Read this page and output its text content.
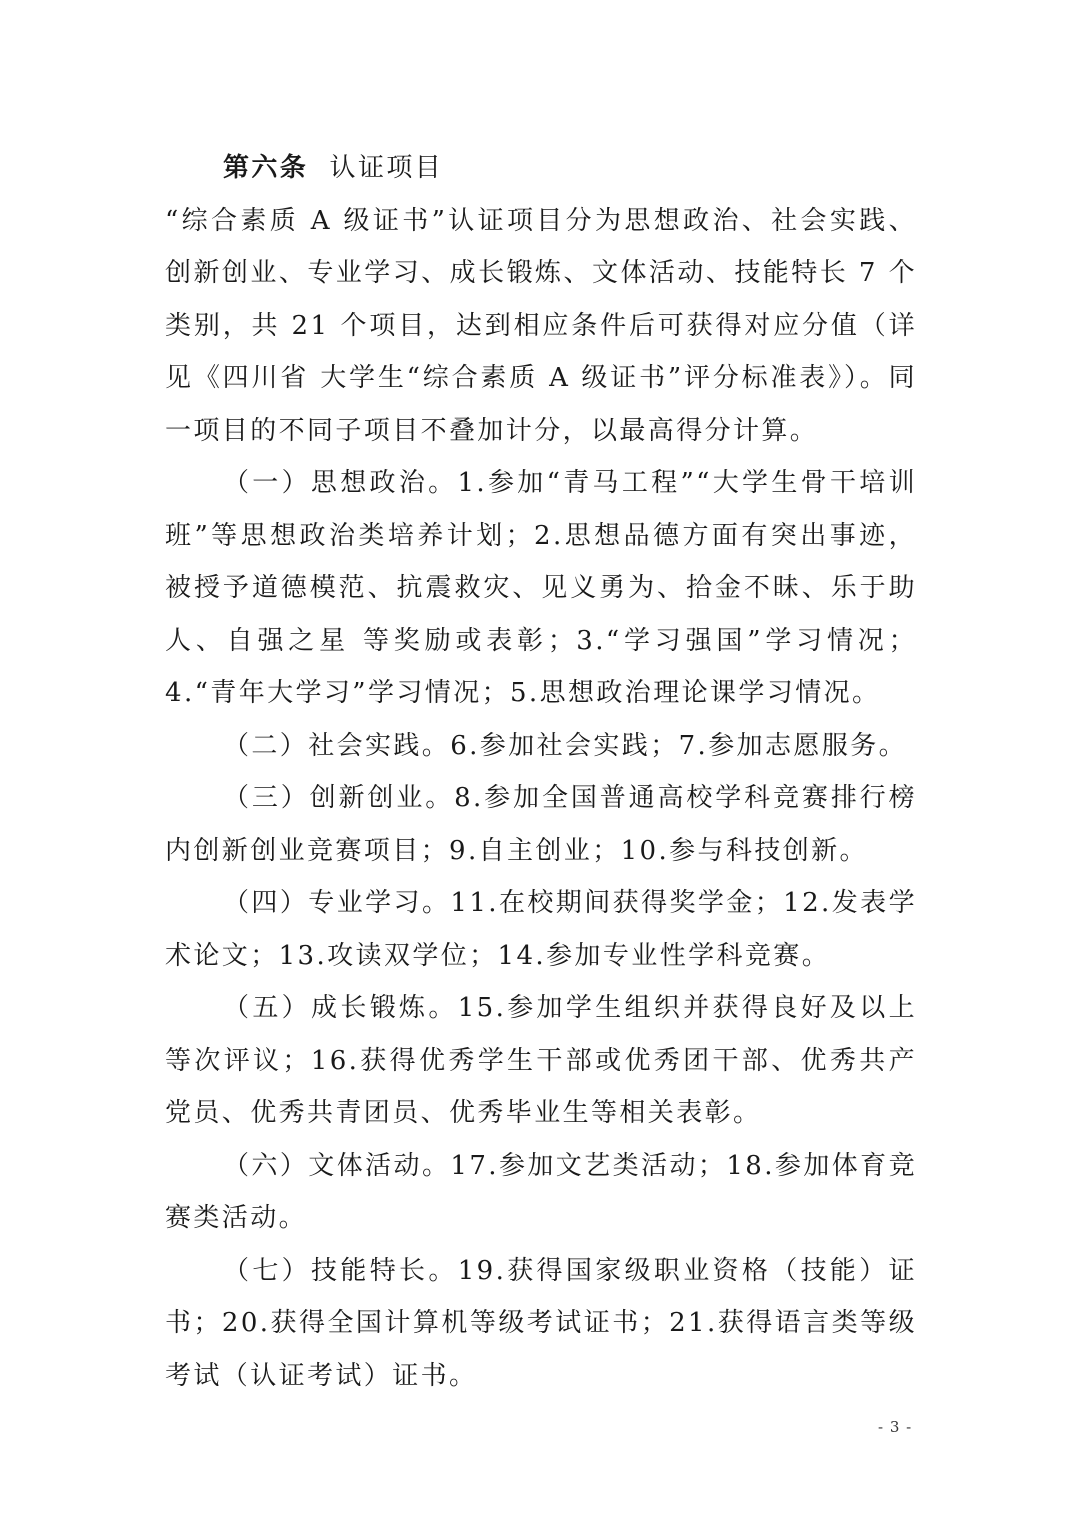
第六条 认证项目

“综合素质 A 级证书”认证项目分为思想政治、社会实践、创新创业、专业学习、成长锻炼、文体活动、技能特长 7 个类别，共 21 个项目，达到相应条件后可获得对应分值（详见《四川省 大学生“综合素质 A 级证书”评分标准表》）。同一项目的不同子项目不叠加计分，以最高得分计算。

（一）思想政治。1.参加“青马工程”“大学生骨干培训班”等思想政治类培养计划；2.思想品德方面有突出事迹，被授予道德模范、抗震救灾、见义勇为、拾金不昧、乐于助人、自强之星 等奖励或表彰；3.“学习强国”学习情况；4.“青年大学习”学习情况；5.思想政治理论课学习情况。

（二）社会实践。6.参加社会实践；7.参加志愿服务。

（三）创新创业。8.参加全国普通高校学科竞赛排行榜内创新创业竞赛项目；9.自主创业；10.参与科技创新。

（四）专业学习。11.在校期间获得奖学金；12.发表学术论文；13.攻读双学位；14.参加专业性学科竞赛。

（五）成长锻炼。15.参加学生组织并获得良好及以上等次评议；16.获得优秀学生干部或优秀团干部、优秀共产党员、优秀共青团员、优秀毕业生等相关表彰。

（六）文体活动。17.参加文艺类活动；18.参加体育竞赛类活动。

（七）技能特长。19.获得国家级职业资格（技能）证书；20.获得全国计算机等级考试证书；21.获得语言类等级考试（认证考试）证书。

- 3 -
